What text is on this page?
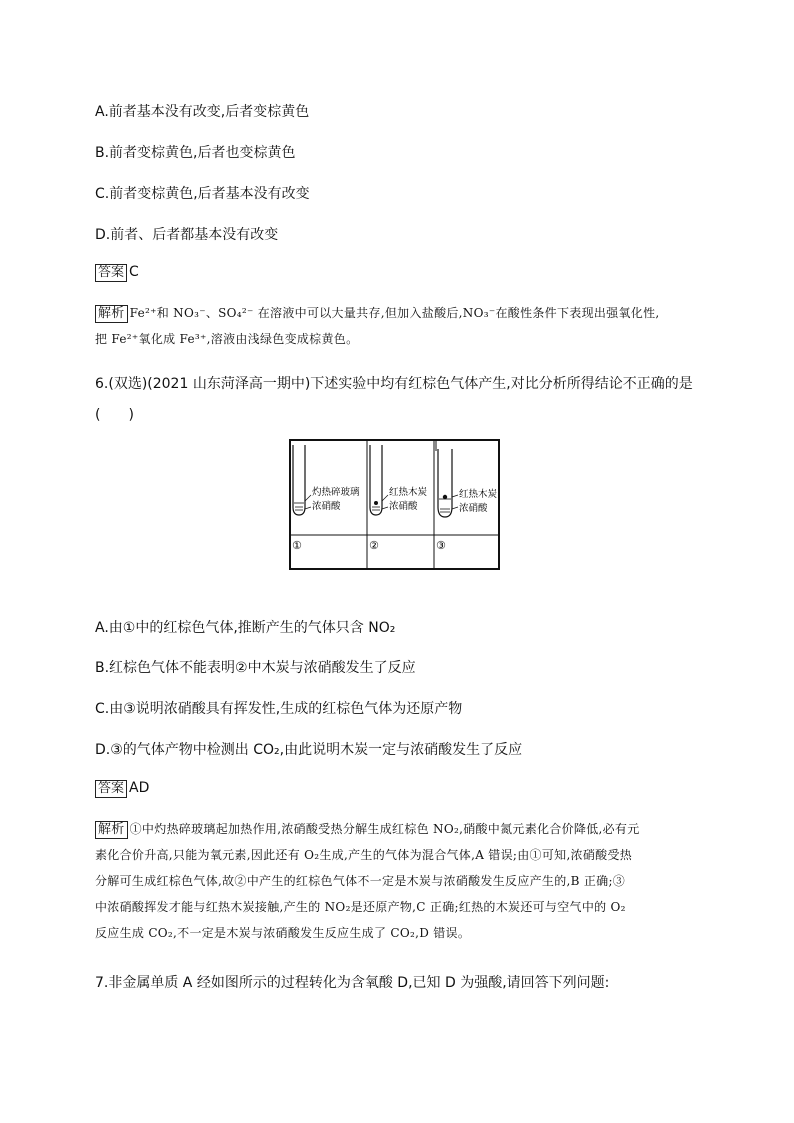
A.前者基本没有改变,后者变棕黄色
B.前者变棕黄色,后者也变棕黄色
C.前者变棕黄色,后者基本没有改变
D.前者、后者都基本没有改变
答案 C
解析 Fe²⁺和 NO₃⁻、SO₄²⁻ 在溶液中可以大量共存,但加入盐酸后,NO₃⁻在酸性条件下表现出强氧化性,
把 Fe²⁺氧化成 Fe³⁺,溶液由浅绿色变成棕黄色。
6.(双选)(2021 山东菏泽高一期中)下述实验中均有红棕色气体产生,对比分析所得结论不正确的是
(　　)
灼热碎玻璃
浓硝酸
红热木炭
浓硝酸
红热木炭
浓硝酸
①	②	③
A.由①中的红棕色气体,推断产生的气体只含 NO₂
B.红棕色气体不能表明②中木炭与浓硝酸发生了反应
C.由③说明浓硝酸具有挥发性,生成的红棕色气体为还原产物
D.③的气体产物中检测出 CO₂,由此说明木炭一定与浓硝酸发生了反应
答案 AD
解析 ①中灼热碎玻璃起加热作用,浓硝酸受热分解生成红棕色 NO₂,硝酸中氮元素化合价降低,必有元
素化合价升高,只能为氧元素,因此还有 O₂生成,产生的气体为混合气体,A 错误;由①可知,浓硝酸受热
分解可生成红棕色气体,故②中产生的红棕色气体不一定是木炭与浓硝酸发生反应产生的,B 正确;③
中浓硝酸挥发才能与红热木炭接触,产生的 NO₂是还原产物,C 正确;红热的木炭还可与空气中的 O₂
反应生成 CO₂,不一定是木炭与浓硝酸发生反应生成了 CO₂,D 错误。
7.非金属单质 A 经如图所示的过程转化为含氧酸 D,已知 D 为强酸,请回答下列问题:
